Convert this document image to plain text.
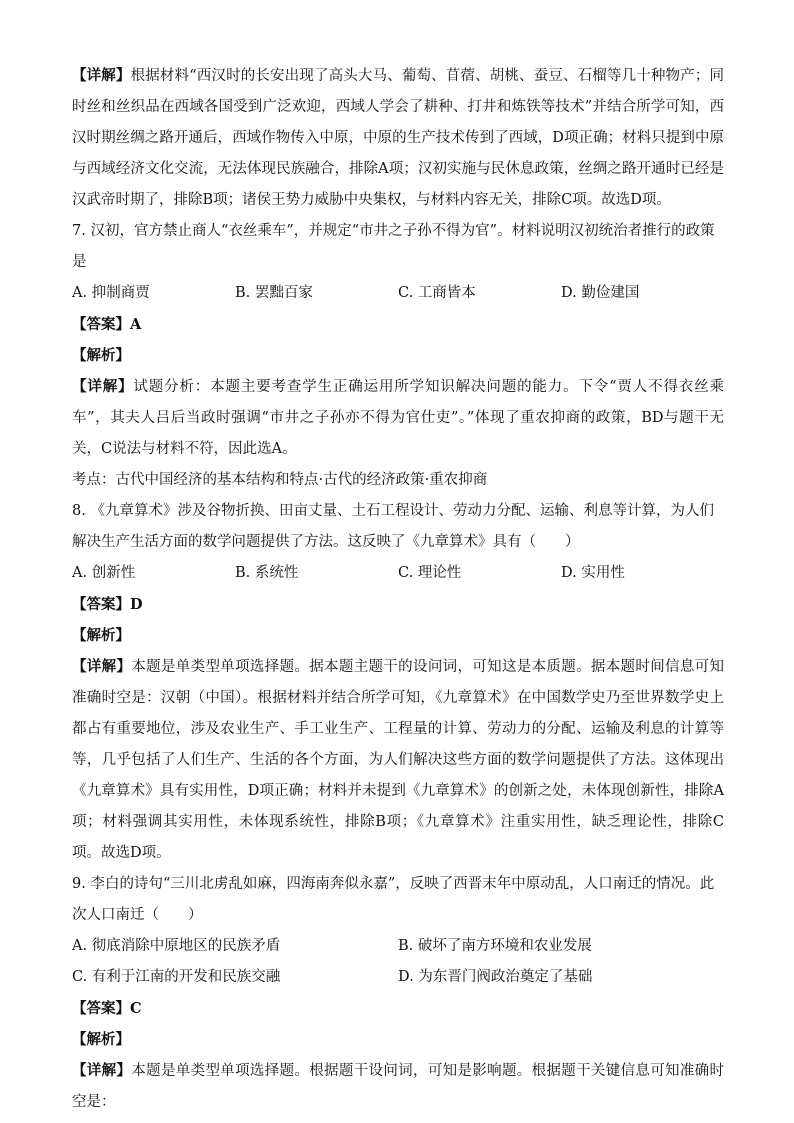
【详解】根据材料“西汉时的长安出现了高头大马、葡萄、苜蓿、胡桃、蚕豆、石榴等几十种物产；同时丝和丝织品在西域各国受到广泛欢迎，西域人学会了耕种、打井和炼铁等技术”并结合所学可知，西汉时期丝绸之路开通后，西域作物传入中原，中原的生产技术传到了西域，D项正确；材料只提到中原与西域经济文化交流，无法体现民族融合，排除A项；汉初实施与民休息政策，丝绸之路开通时已经是汉武帝时期了，排除B项；诸侯王势力威胁中央集权，与材料内容无关，排除C项。故选D项。

7. 汉初，官方禁止商人“衣丝乘车”，并规定“市井之子孙不得为官”。材料说明汉初统治者推行的政策是

A. 抑制商贾	B. 罢黜百家	C. 工商皆本	D. 勤俭建国

【答案】A

【解析】

【详解】试题分析：本题主要考查学生正确运用所学知识解决问题的能力。下令“贾人不得衣丝乘车”，其夫人吕后当政时强调“市井之子孙亦不得为官仕吏”。”体现了重农抑商的政策，BD与题干无关，C说法与材料不符，因此选A。

考点：古代中国经济的基本结构和特点·古代的经济政策·重农抑商

8. 《九章算术》涉及谷物折换、田亩丈量、土石工程设计、劳动力分配、运输、利息等计算，为人们解决生产生活方面的数学问题提供了方法。这反映了《九章算术》具有（　　）

A. 创新性	B. 系统性	C. 理论性	D. 实用性

【答案】D

【解析】

【详解】本题是单类型单项选择题。据本题主题干的设问词，可知这是本质题。据本题时间信息可知准确时空是：汉朝（中国）。根据材料并结合所学可知，《九章算术》在中国数学史乃至世界数学史上都占有重要地位，涉及农业生产、手工业生产、工程量的计算、劳动力的分配、运输及利息的计算等等，几乎包括了人们生产、生活的各个方面，为人们解决这些方面的数学问题提供了方法。这体现出《九章算术》具有实用性，D项正确；材料并未提到《九章算术》的创新之处，未体现创新性，排除A项；材料强调其实用性，未体现系统性，排除B项；《九章算术》注重实用性，缺乏理论性，排除C项。故选D项。

9. 李白的诗句“三川北虏乱如麻，四海南奔似永嘉”，反映了西晋末年中原动乱，人口南迁的情况。此次人口南迁（　　）

A. 彻底消除中原地区的民族矛盾	B. 破坏了南方环境和农业发展
C. 有利于江南的开发和民族交融	D. 为东晋门阀政治奠定了基础

【答案】C

【解析】

【详解】本题是单类型单项选择题。根据题干设问词，可知是影响题。根据题干关键信息可知准确时空是：
